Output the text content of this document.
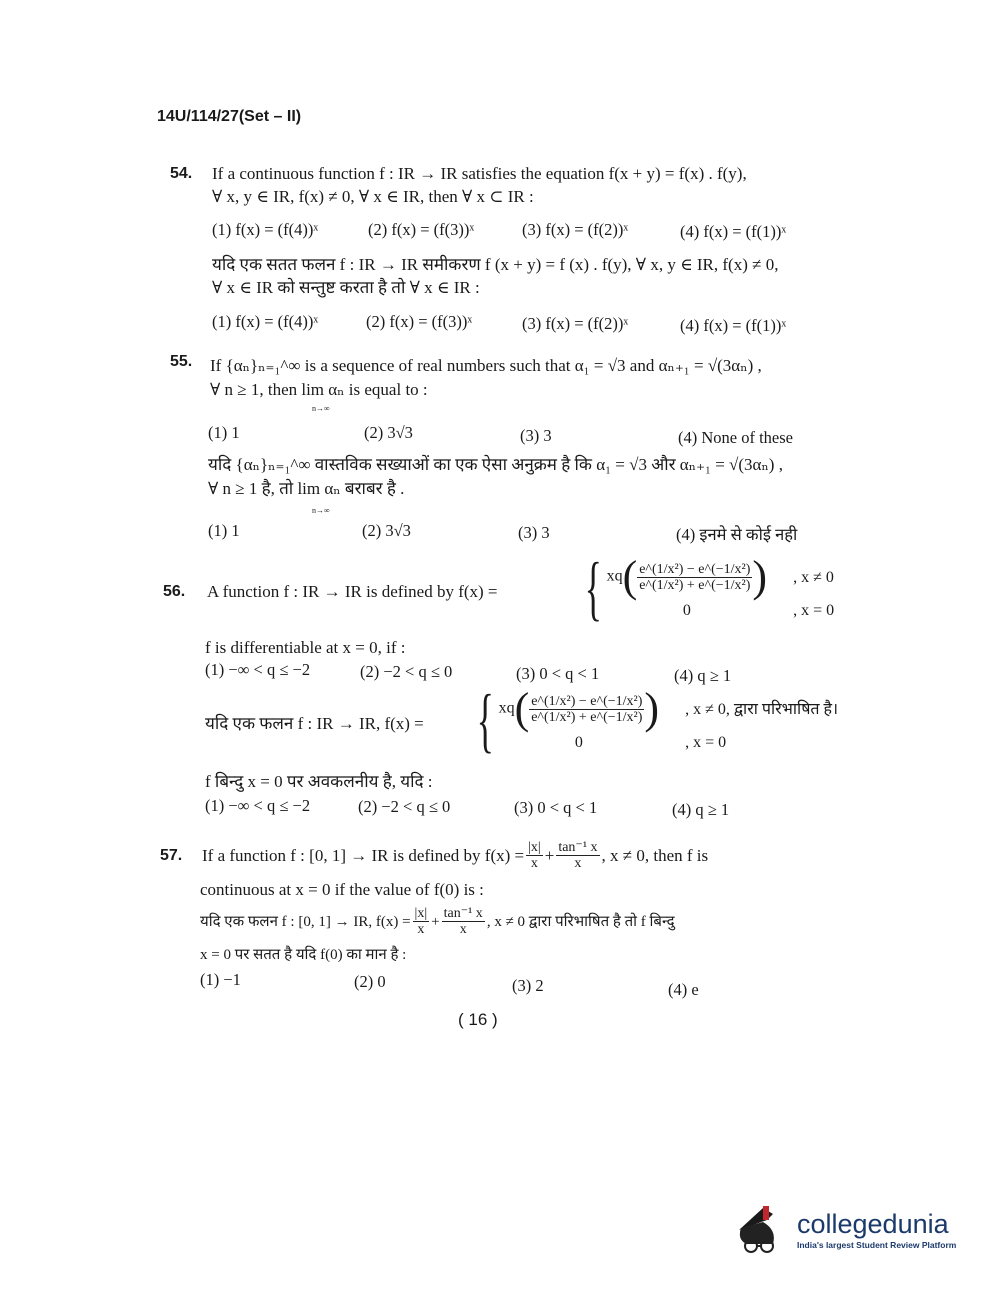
14U/114/27(Set – II)
54. If a continuous function f : IR → IR satisfies the equation f(x + y) = f(x) . f(y),
∀ x, y ∈ IR, f(x) ≠ 0, ∀ x ∈ IR, then ∀ x ⊂ IR :
(1) f(x) = (f(4))ˣ	(2) f(x) = (f(3))ˣ	(3) f(x) = (f(2))ˣ	(4) f(x) = (f(1))ˣ
यदि एक सतत फलन f : IR → IR समीकरण f (x + y) = f (x) . f(y), ∀ x, y ∈ IR, f(x) ≠ 0,
∀ x ∈ IR को सन्तुष्ट करता है तो ∀ x ∈ IR :
(1) f(x) = (f(4))ˣ	(2) f(x) = (f(3))ˣ	(3) f(x) = (f(2))ˣ	(4) f(x) = (f(1))ˣ
55. If {αₙ}ₙ₌₁^∞ is a sequence of real numbers such that α₁ = √3 and αₙ₊₁ = √(3αₙ) ,
∀ n ≥ 1, then lim αₙ is equal to :
n→∞
(1) 1	(2) 3√3	(3) 3	(4) None of these
यदि {αₙ}ₙ₌₁^∞ वास्तविक सख्याओं का एक ऐसा अनुक्रम है कि α₁ = √3 और αₙ₊₁ = √(3αₙ) ,
∀ n ≥ 1 है, तो lim αₙ बराबर है .
n→∞
(1) 1	(2) 3√3	(3) 3	(4) इनमे से कोई नही
56. A function f : IR → IR is defined by f(x) = { $xq( \frac{\text{e\textasciicircum{}(1/x²) − e\textasciicircum{}(−1/x²)}}{\text{e\textasciicircum{}(1/x²) + e\textasciicircum{}(−1/x²)}}$ ) , x ≠ 0
0	, x = 0
f is differentiable at x = 0, if :
(1) −∞ < q ≤ −2	(2) −2 < q ≤ 0	(3) 0 < q < 1	(4) q ≥ 1
यदि एक फलन f : IR → IR, f(x) = { $xq( \frac{\text{e\textasciicircum{}(1/x²) − e\textasciicircum{}(−1/x²)}}{\text{e\textasciicircum{}(1/x²) + e\textasciicircum{}(−1/x²)}}$ ) , x ≠ 0, द्वारा परिभाषित है।
0	, x = 0
f बिन्दु x = 0 पर अवकलनीय है, यदि :
(1) −∞ < q ≤ −2	(2) −2 < q ≤ 0	(3) 0 < q < 1	(4) q ≥ 1
57. If a function f : [0, 1] → IR is defined by $f(x) = \frac{|x|}{x} + \frac{\text{tan⁻¹ x}}{x}$ , x ≠ 0, then f is
continuous at x = 0 if the value of f(0) is :
यदि एक फलन f : [0, 1] → IR, $f(x) = \frac{|x|}{x} + \frac{\text{tan⁻¹ x}}{x}$ , x ≠ 0 द्वारा परिभाषित है तो f बिन्दु
x = 0 पर सतत है यदि f(0) का मान है :
(1) −1	(2) 0	(3) 2	(4) e
( 16 )
collegedunia
India's largest Student Review Platform
